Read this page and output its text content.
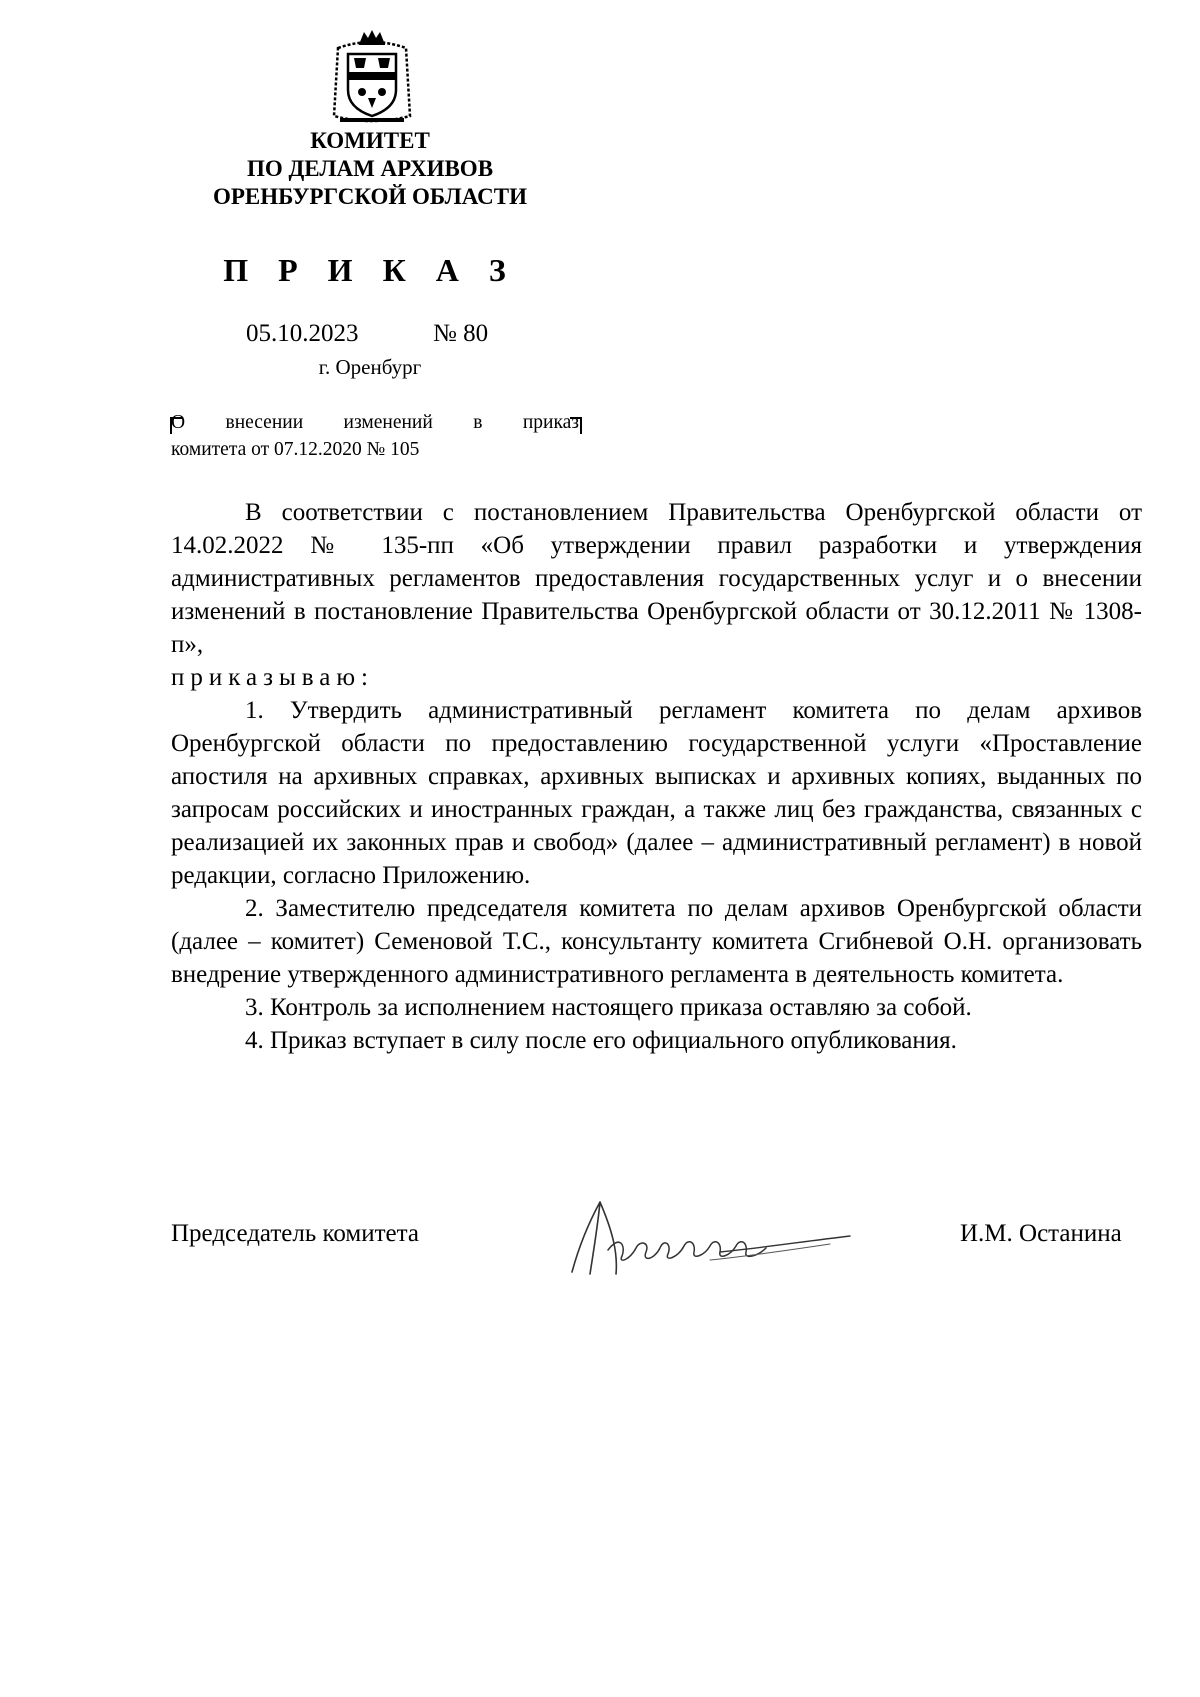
КОМИТЕТ
ПО ДЕЛАМ АРХИВОВ
ОРЕНБУРГСКОЙ ОБЛАСТИ
П Р И К А З
05.10.2023	№ 80
г. Оренбург
О внесении изменений в приказ
комитета от 07.12.2020 № 105

В соответствии с постановлением Правительства Оренбургской области от 14.02.2022 № 135-пп «Об утверждении правил разработки и утверждения административных регламентов предоставления государственных услуг и о внесении изменений в постановление Правительства Оренбургской области от 30.12.2011 № 1308-п»,

приказываю:

1. Утвердить административный регламент комитета по делам архивов Оренбургской области по предоставлению государственной услуги «Проставление апостиля на архивных справках, архивных выписках и архивных копиях, выданных по запросам российских и иностранных граждан, а также лиц без гражданства, связанных с реализацией их законных прав и свобод» (далее – административный регламент) в новой редакции, согласно Приложению.

2. Заместителю председателя комитета по делам архивов Оренбургской области (далее – комитет) Семеновой Т.С., консультанту комитета Сгибневой О.Н. организовать внедрение утвержденного административного регламента в деятельность комитета.

3. Контроль за исполнением настоящего приказа оставляю за собой.

4. Приказ вступает в силу после его официального опубликования.

Председатель комитета	И.М. Останина
